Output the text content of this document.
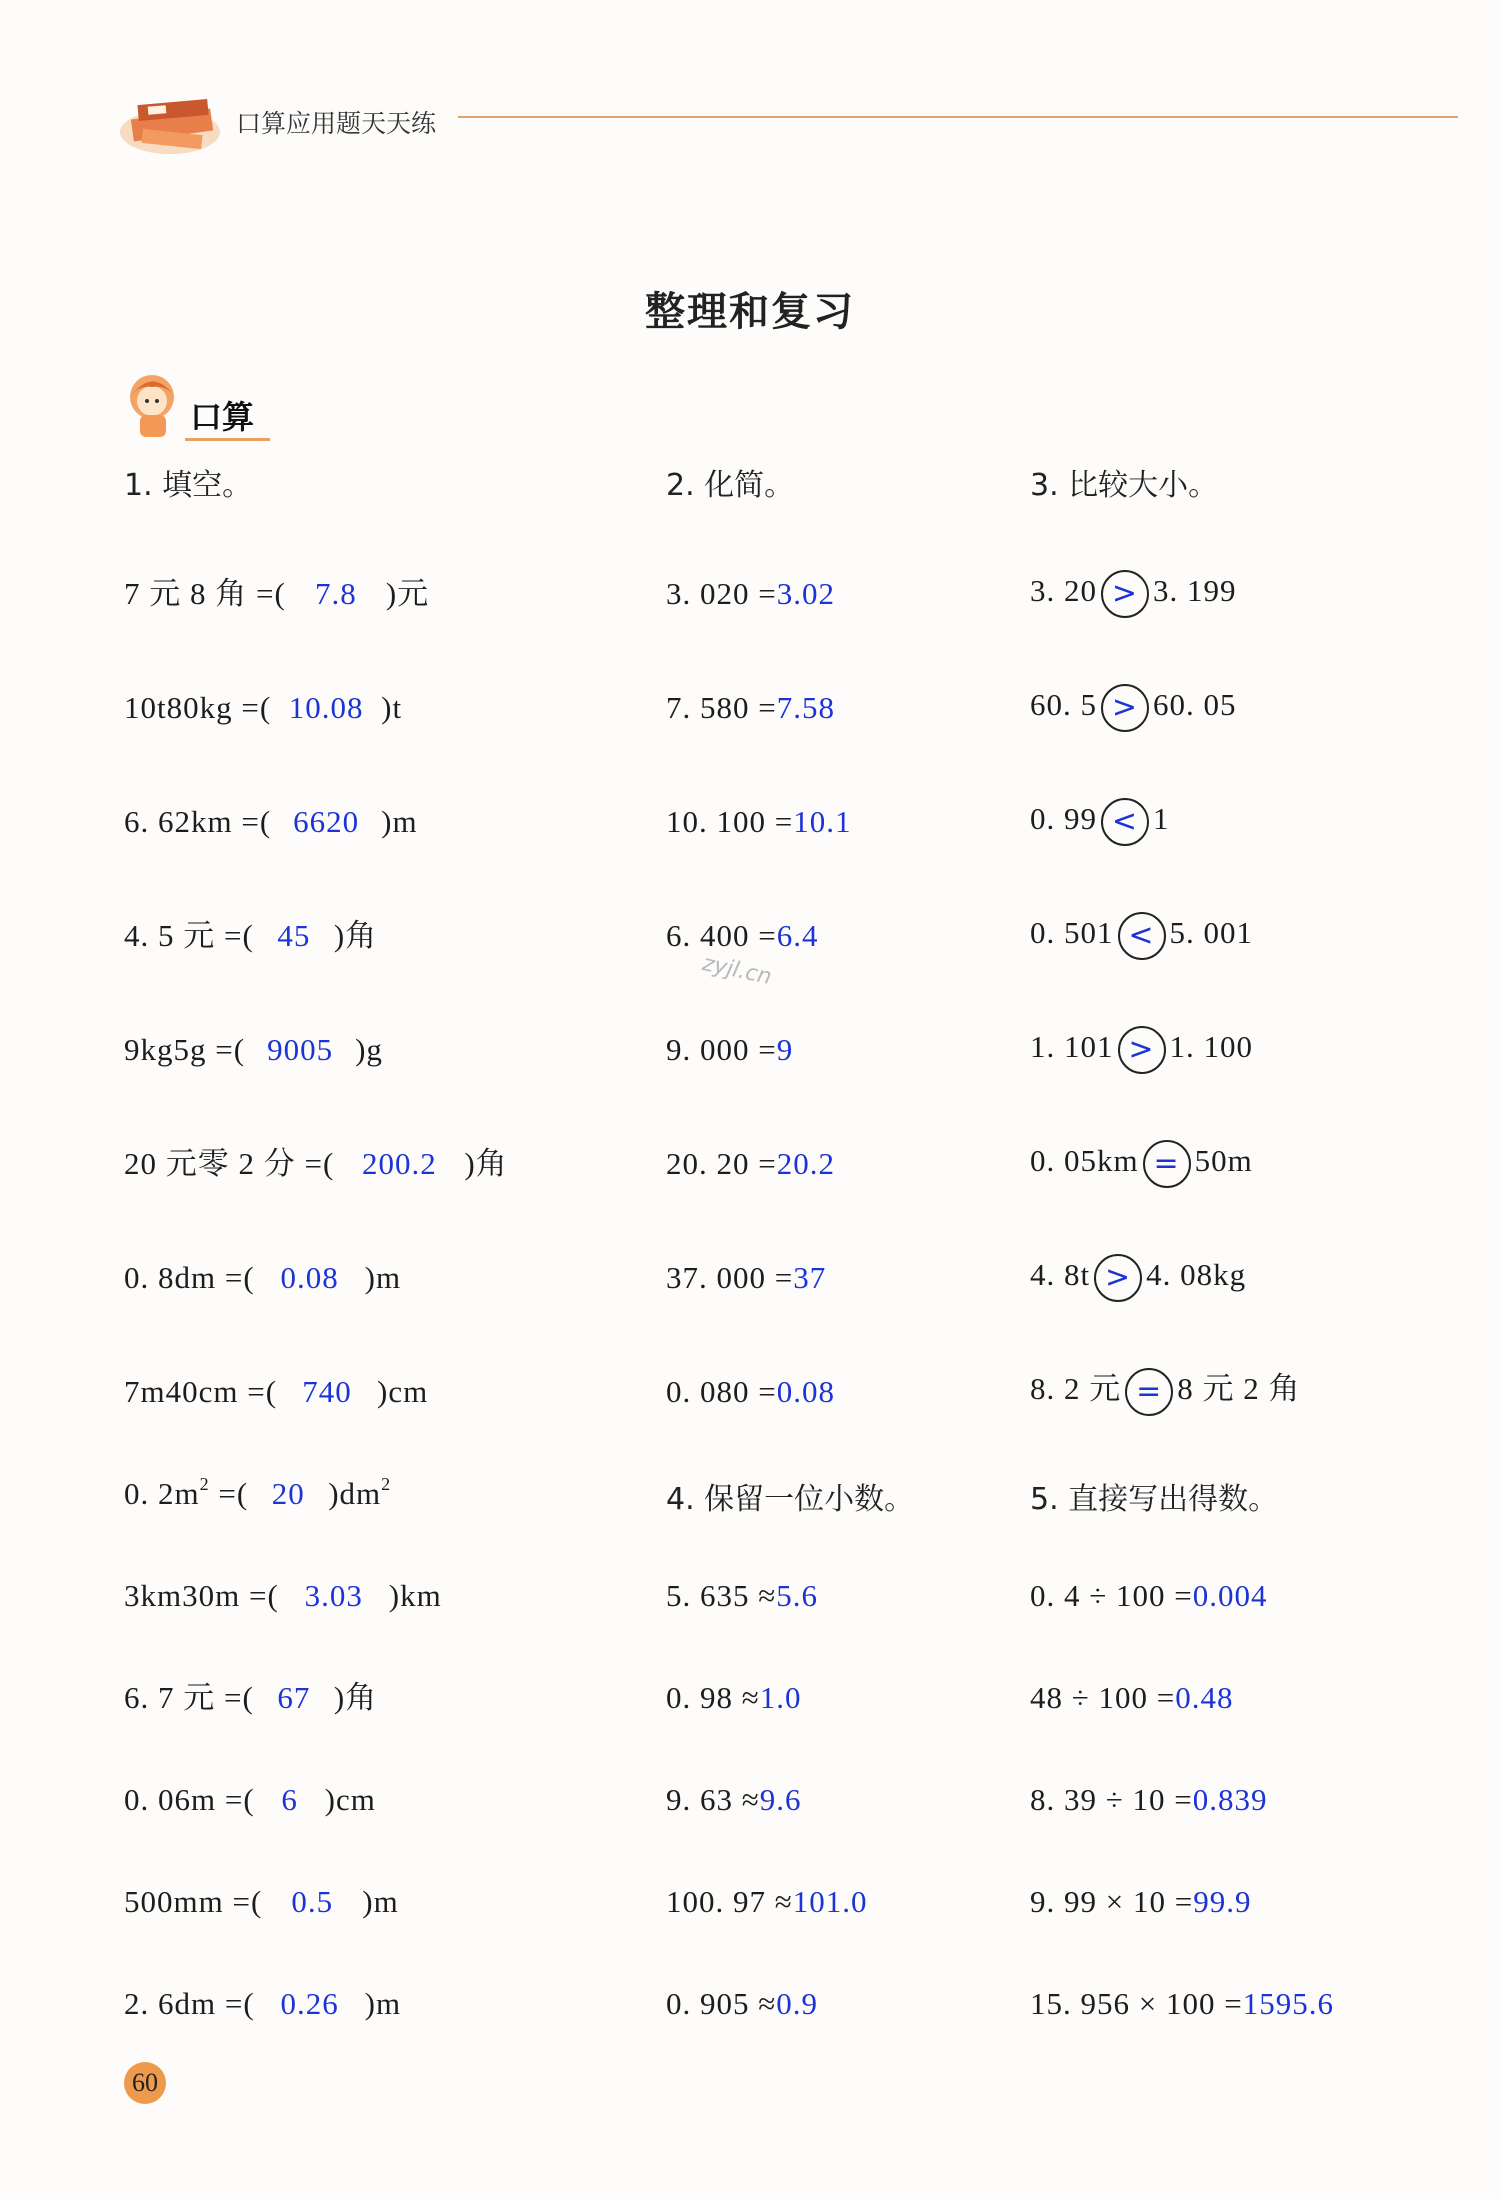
口算应用题天天练
整理和复习
口算
1. 填空。	2. 化简。	3. 比较大小。
7 元 8 角 =( 7.8 )元
10t80kg =( 10.08 )t
6. 62km =( 6620 )m
4. 5 元 =( 45 )角
9kg5g =( 9005 )g
20 元零 2 分 =( 200.2 )角
0. 8dm =( 0.08 )m
7m40cm =( 740 )cm
0. $2m^2$ =( 20 )$dm^2$
3km30m =( 3.03 )km
6. 7 元 =( 67 )角
0. 06m =( 6 )cm
500mm =( 0.5 )m
2. 6dm =( 0.26 )m
3. 020 =3.02
7. 580 =7.58
10. 100 =10.1
6. 400 =6.4
9. 000 =9
20. 20 =20.2
37. 000 =37
0. 080 =0.08
zyjl.cn
3. 20 > 3. 199
60. 5 > 60. 05
0. 99 < 1
0. 501 < 5. 001
1. 101 > 1. 100
0. 05km = 50m
4. 8t > 4. 08kg
8. 2 元 = 8 元 2 角
4. 保留一位小数。	5. 直接写出得数。
5. 635 ≈5.6
0. 98 ≈1.0
9. 63 ≈9.6
100. 97 ≈101.0
0. 905 ≈0.9
0. 4 ÷ 100 =0.004
48 ÷ 100 =0.48
8. 39 ÷ 10 =0.839
9. 99 × 10 =99.9
15. 956 × 100 =1595.6
60
